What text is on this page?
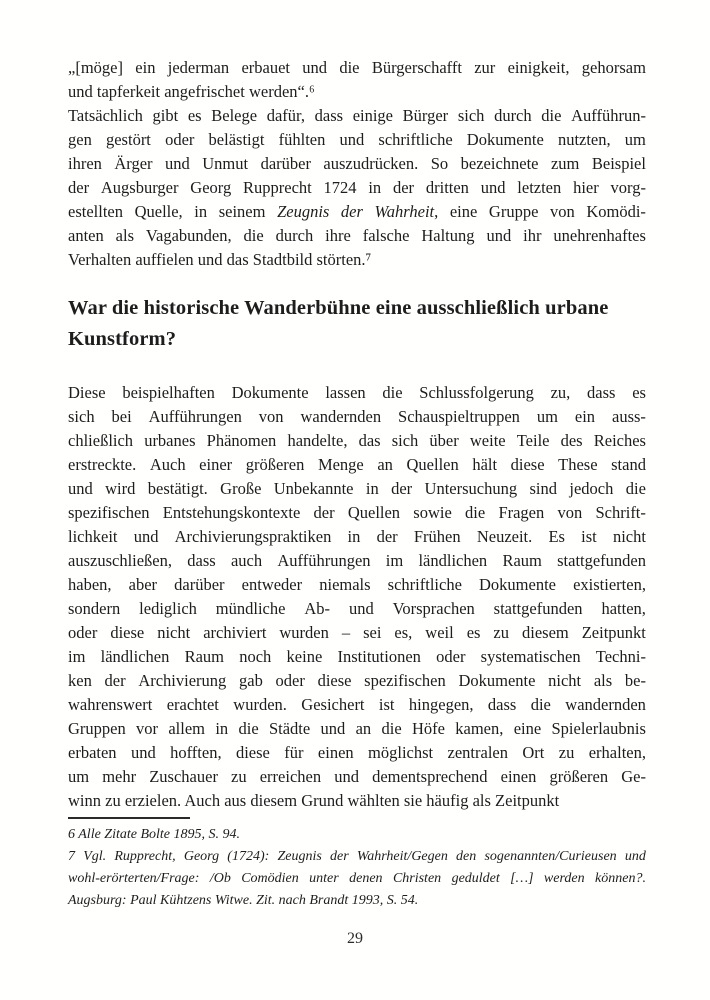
„[möge] ein jederman erbauet und die Bürgerschafft zur einigkeit, gehorsam
und tapferkeit angefrischet werden“.⁶
Tatsächlich gibt es Belege dafür, dass einige Bürger sich durch die Aufführun-
gen gestört oder belästigt fühlten und schriftliche Dokumente nutzten, um
ihren Ärger und Unmut darüber auszudrücken. So bezeichnete zum Beispiel
der Augsburger Georg Rupprecht 1724 in der dritten und letzten hier vorg-
estellten Quelle, in seinem Zeugnis der Wahrheit, eine Gruppe von Komödi-
anten als Vagabunden, die durch ihre falsche Haltung und ihr unehrenhaftes
Verhalten auffielen und das Stadtbild störten.⁷
War die historische Wanderbühne eine ausschließlich urbane
Kunstform?
Diese beispielhaften Dokumente lassen die Schlussfolgerung zu, dass es
sich bei Aufführungen von wandernden Schauspieltruppen um ein auss-
chließlich urbanes Phänomen handelte, das sich über weite Teile des Reiches
erstreckte. Auch einer größeren Menge an Quellen hält diese These stand
und wird bestätigt. Große Unbekannte in der Untersuchung sind jedoch die
spezifischen Entstehungskontexte der Quellen sowie die Fragen von Schrift-
lichkeit und Archivierungspraktiken in der Frühen Neuzeit. Es ist nicht
auszuschließen, dass auch Aufführungen im ländlichen Raum stattgefunden
haben, aber darüber entweder niemals schriftliche Dokumente existierten,
sondern lediglich mündliche Ab- und Vorsprachen stattgefunden hatten,
oder diese nicht archiviert wurden – sei es, weil es zu diesem Zeitpunkt
im ländlichen Raum noch keine Institutionen oder systematischen Techni-
ken der Archivierung gab oder diese spezifischen Dokumente nicht als be-
wahrenswert erachtet wurden. Gesichert ist hingegen, dass die wandernden
Gruppen vor allem in die Städte und an die Höfe kamen, eine Spielerlaubnis
erbaten und hofften, diese für einen möglichst zentralen Ort zu erhalten,
um mehr Zuschauer zu erreichen und dementsprechend einen größeren Ge-
winn zu erzielen. Auch aus diesem Grund wählten sie häufig als Zeitpunkt
6 Alle Zitate Bolte 1895, S. 94.
7 Vgl. Rupprecht, Georg (1724): Zeugnis der Wahrheit/Gegen den sogenannten/Curieusen und
wohl-erörterten/Frage: /Ob Comödien unter denen Christen geduldet […] werden können?.
Augsburg: Paul Kühtzens Witwe. Zit. nach Brandt 1993, S. 54.
29
